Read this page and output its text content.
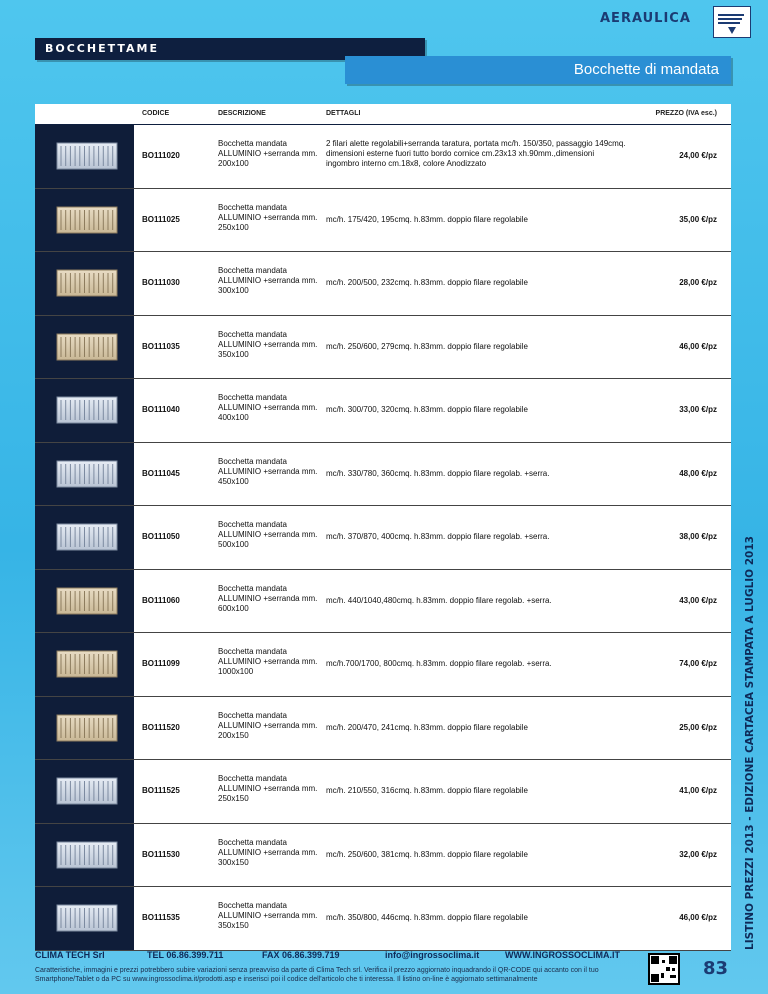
AERAULICA
BOCCHETTAME
Bocchette di mandata
LISTINO PREZZI 2013 - EDIZIONE CARTACEA STAMPATA A LUGLIO 2013
CODICE	DESCRIZIONE	DETTAGLI	PREZZO (IVA esc.)
BO111020
Bocchetta mandata ALLUMINIO +serranda mm. 200x100
2 filari alette regolabili+serranda taratura, portata mc/h. 150/350, passaggio 149cmq. dimensioni esterne fuori tutto bordo cornice cm.23x13 xh.90mm.,dimensioni ingombro interno cm.18x8, colore Anodizzato
24,00 €/pz
BO111025
Bocchetta mandata ALLUMINIO +serranda mm. 250x100
mc/h. 175/420, 195cmq. h.83mm. doppio filare regolabile	35,00 €/pz
BO111030
Bocchetta mandata ALLUMINIO +serranda mm. 300x100
mc/h. 200/500, 232cmq. h.83mm. doppio filare regolabile	28,00 €/pz
BO111035
Bocchetta mandata ALLUMINIO +serranda mm. 350x100
mc/h. 250/600, 279cmq. h.83mm. doppio filare regolabile	46,00 €/pz
BO111040
Bocchetta mandata ALLUMINIO +serranda mm. 400x100
mc/h. 300/700, 320cmq. h.83mm. doppio filare regolabile	33,00 €/pz
BO111045
Bocchetta mandata ALLUMINIO +serranda mm. 450x100
mc/h. 330/780, 360cmq. h.83mm. doppio filare regolab. +serra.	48,00 €/pz
BO111050
Bocchetta mandata ALLUMINIO +serranda mm. 500x100
mc/h. 370/870, 400cmq. h.83mm. doppio filare regolab. +serra.	38,00 €/pz
BO111060
Bocchetta mandata ALLUMINIO +serranda mm. 600x100
mc/h. 440/1040,480cmq. h.83mm. doppio filare regolab. +serra.	43,00 €/pz
BO111099
Bocchetta mandata ALLUMINIO +serranda mm. 1000x100
mc/h.700/1700, 800cmq. h.83mm. doppio filare regolab. +serra.	74,00 €/pz
BO111520
Bocchetta mandata ALLUMINIO +serranda mm. 200x150
mc/h. 200/470, 241cmq. h.83mm. doppio filare regolabile	25,00 €/pz
BO111525
Bocchetta mandata ALLUMINIO +serranda mm. 250x150
mc/h. 210/550, 316cmq. h.83mm. doppio filare regolabile	41,00 €/pz
BO111530
Bocchetta mandata ALLUMINIO +serranda mm. 300x150
mc/h. 250/600, 381cmq. h.83mm. doppio filare regolabile	32,00 €/pz
BO111535
Bocchetta mandata ALLUMINIO +serranda mm. 350x150
mc/h. 350/800, 446cmq. h.83mm. doppio filare regolabile	46,00 €/pz
CLIMA TECH Srl	TEL 06.86.399.711	FAX 06.86.399.719	info@ingrossoclima.it	WWW.INGROSSOCLIMA.IT
Caratteristiche, immagini e prezzi potrebbero subire variazioni senza preavviso da parte di Clima Tech srl. Verifica il prezzo aggiornato inquadrando il QR-CODE qui accanto con il tuo Smartphone/Tablet o da PC su www.ingrossoclima.it/prodotti.asp e inserisci poi il codice dell'articolo che ti interessa. Il listino on-line è aggiornato settimanalmente
83
